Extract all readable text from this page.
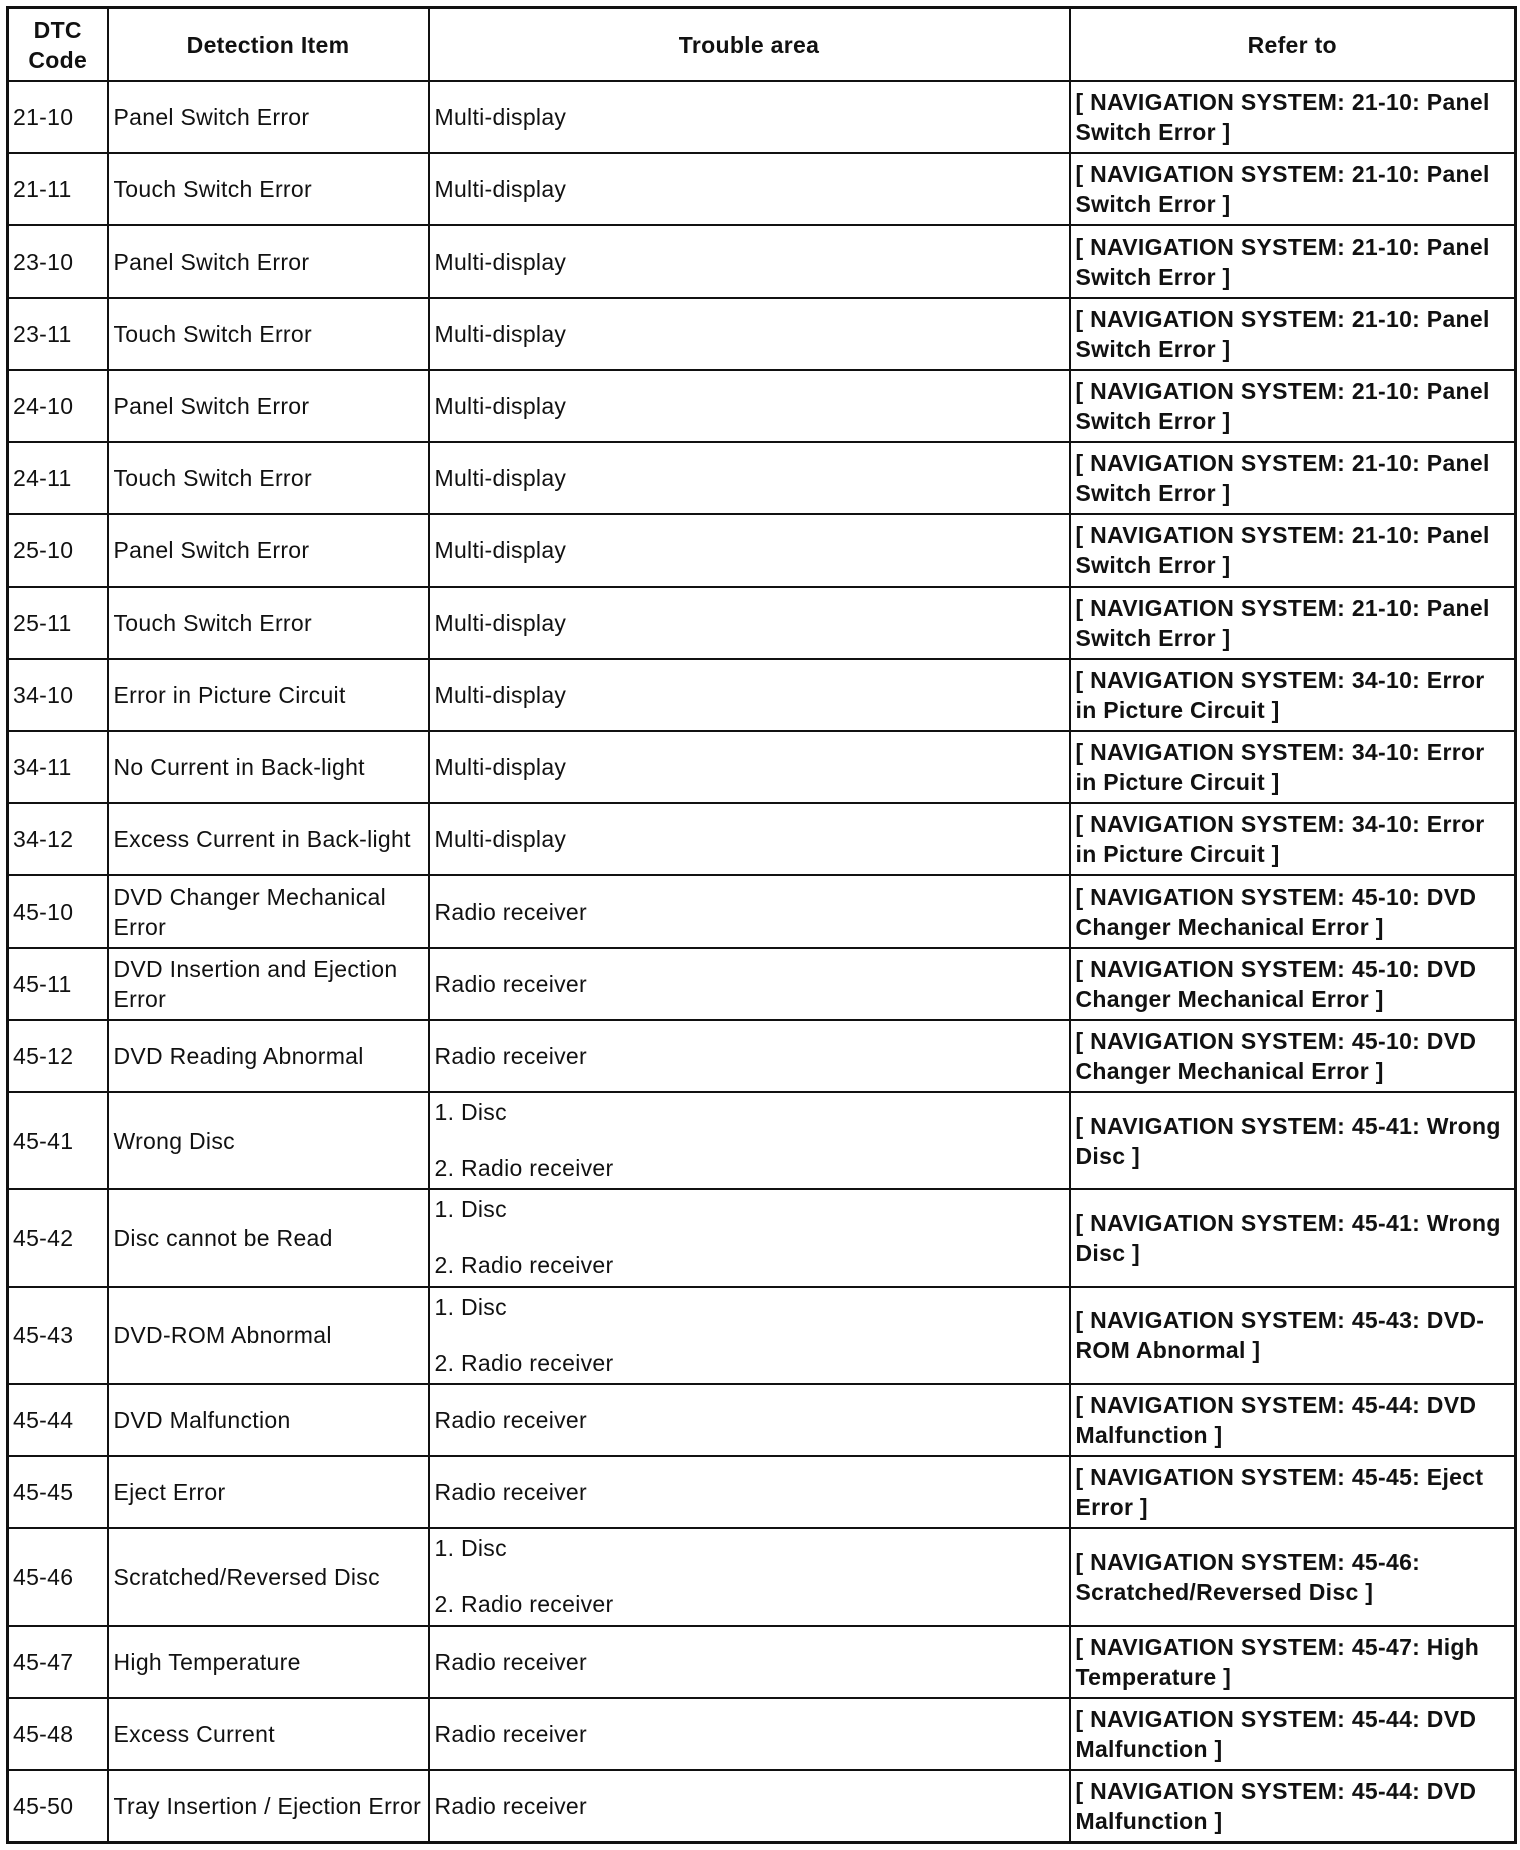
DTC
Code	Detection Item	Trouble area	Refer to
21-10	Panel Switch Error	Multi-display	[ NAVIGATION SYSTEM: 21-10: Panel Switch Error ]
21-11	Touch Switch Error	Multi-display	[ NAVIGATION SYSTEM: 21-10: Panel Switch Error ]
23-10	Panel Switch Error	Multi-display	[ NAVIGATION SYSTEM: 21-10: Panel Switch Error ]
23-11	Touch Switch Error	Multi-display	[ NAVIGATION SYSTEM: 21-10: Panel Switch Error ]
24-10	Panel Switch Error	Multi-display	[ NAVIGATION SYSTEM: 21-10: Panel Switch Error ]
24-11	Touch Switch Error	Multi-display	[ NAVIGATION SYSTEM: 21-10: Panel Switch Error ]
25-10	Panel Switch Error	Multi-display	[ NAVIGATION SYSTEM: 21-10: Panel Switch Error ]
25-11	Touch Switch Error	Multi-display	[ NAVIGATION SYSTEM: 21-10: Panel Switch Error ]
34-10	Error in Picture Circuit	Multi-display	[ NAVIGATION SYSTEM: 34-10: Error in Picture Circuit ]
34-11	No Current in Back-light	Multi-display	[ NAVIGATION SYSTEM: 34-10: Error in Picture Circuit ]
34-12	Excess Current in Back-light	Multi-display	[ NAVIGATION SYSTEM: 34-10: Error in Picture Circuit ]
45-10	DVD Changer Mechanical Error	Radio receiver	[ NAVIGATION SYSTEM: 45-10: DVD Changer Mechanical Error ]
45-11	DVD Insertion and Ejection Error	Radio receiver	[ NAVIGATION SYSTEM: 45-10: DVD Changer Mechanical Error ]
45-12	DVD Reading Abnormal	Radio receiver	[ NAVIGATION SYSTEM: 45-10: DVD Changer Mechanical Error ]
45-41	Wrong Disc	1. Disc
2. Radio receiver	[ NAVIGATION SYSTEM: 45-41: Wrong Disc ]
45-42	Disc cannot be Read	1. Disc
2. Radio receiver	[ NAVIGATION SYSTEM: 45-41: Wrong Disc ]
45-43	DVD-ROM Abnormal	1. Disc
2. Radio receiver	[ NAVIGATION SYSTEM: 45-43: DVD-ROM Abnormal ]
45-44	DVD Malfunction	Radio receiver	[ NAVIGATION SYSTEM: 45-44: DVD Malfunction ]
45-45	Eject Error	Radio receiver	[ NAVIGATION SYSTEM: 45-45: Eject Error ]
45-46	Scratched/Reversed Disc	1. Disc
2. Radio receiver	[ NAVIGATION SYSTEM: 45-46: Scratched/Reversed Disc ]
45-47	High Temperature	Radio receiver	[ NAVIGATION SYSTEM: 45-47: High Temperature ]
45-48	Excess Current	Radio receiver	[ NAVIGATION SYSTEM: 45-44: DVD Malfunction ]
45-50	Tray Insertion / Ejection Error	Radio receiver	[ NAVIGATION SYSTEM: 45-44: DVD Malfunction ]
